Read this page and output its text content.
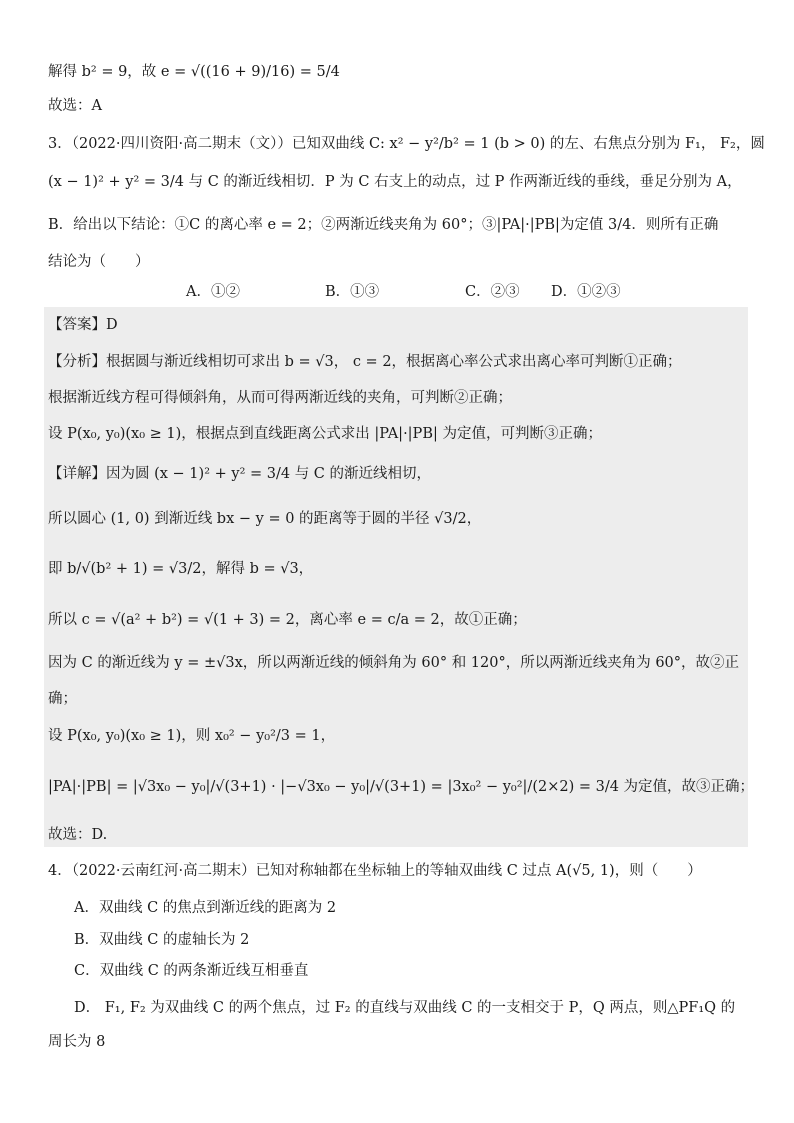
解得 b² = 9，故 e = √((16 + 9)/16) = 5/4
故选：A
3．（2022·四川资阳·高二期末（文））已知双曲线 C: x² − y²/b² = 1 (b > 0) 的左、右焦点分别为 F₁， F₂，圆
(x − 1)² + y² = 3/4 与 C 的渐近线相切．P 为 C 右支上的动点，过 P 作两渐近线的垂线，垂足分别为 A，
B．给出以下结论：①C 的离心率 e = 2；②两渐近线夹角为 60°；③|PA|·|PB|为定值 3/4．则所有正确
结论为（　　）
A．①②	B．①③	C．②③ D．①②③
【答案】D
【分析】根据圆与渐近线相切可求出 b = √3， c = 2，根据离心率公式求出离心率可判断①正确；
根据渐近线方程可得倾斜角，从而可得两渐近线的夹角，可判断②正确；
设 P(x₀, y₀)(x₀ ≥ 1)，根据点到直线距离公式求出 |PA|·|PB| 为定值，可判断③正确；
【详解】因为圆 (x − 1)² + y² = 3/4 与 C 的渐近线相切，
所以圆心 (1, 0) 到渐近线 bx − y = 0 的距离等于圆的半径 √3/2，
即 b/√(b² + 1) = √3/2，解得 b = √3，
所以 c = √(a² + b²) = √(1 + 3) = 2，离心率 e = c/a = 2，故①正确；
因为 C 的渐近线为 y = ±√3x，所以两渐近线的倾斜角为 60° 和 120°，所以两渐近线夹角为 60°，故②正
确；
设 P(x₀, y₀)(x₀ ≥ 1)，则 x₀² − y₀²/3 = 1，
|PA|·|PB| = |√3x₀ − y₀|/√(3+1) · |−√3x₀ − y₀|/√(3+1) = |3x₀² − y₀²|/(2×2) = 3/4 为定值，故③正确；
故选：D.
4．（2022·云南红河·高二期末）已知对称轴都在坐标轴上的等轴双曲线 C 过点 A(√5, 1)，则（　　）
A．双曲线 C 的焦点到渐近线的距离为 2
B．双曲线 C 的虚轴长为 2
C．双曲线 C 的两条渐近线互相垂直
D． F₁, F₂ 为双曲线 C 的两个焦点，过 F₂ 的直线与双曲线 C 的一支相交于 P，Q 两点，则△PF₁Q 的
周长为 8
